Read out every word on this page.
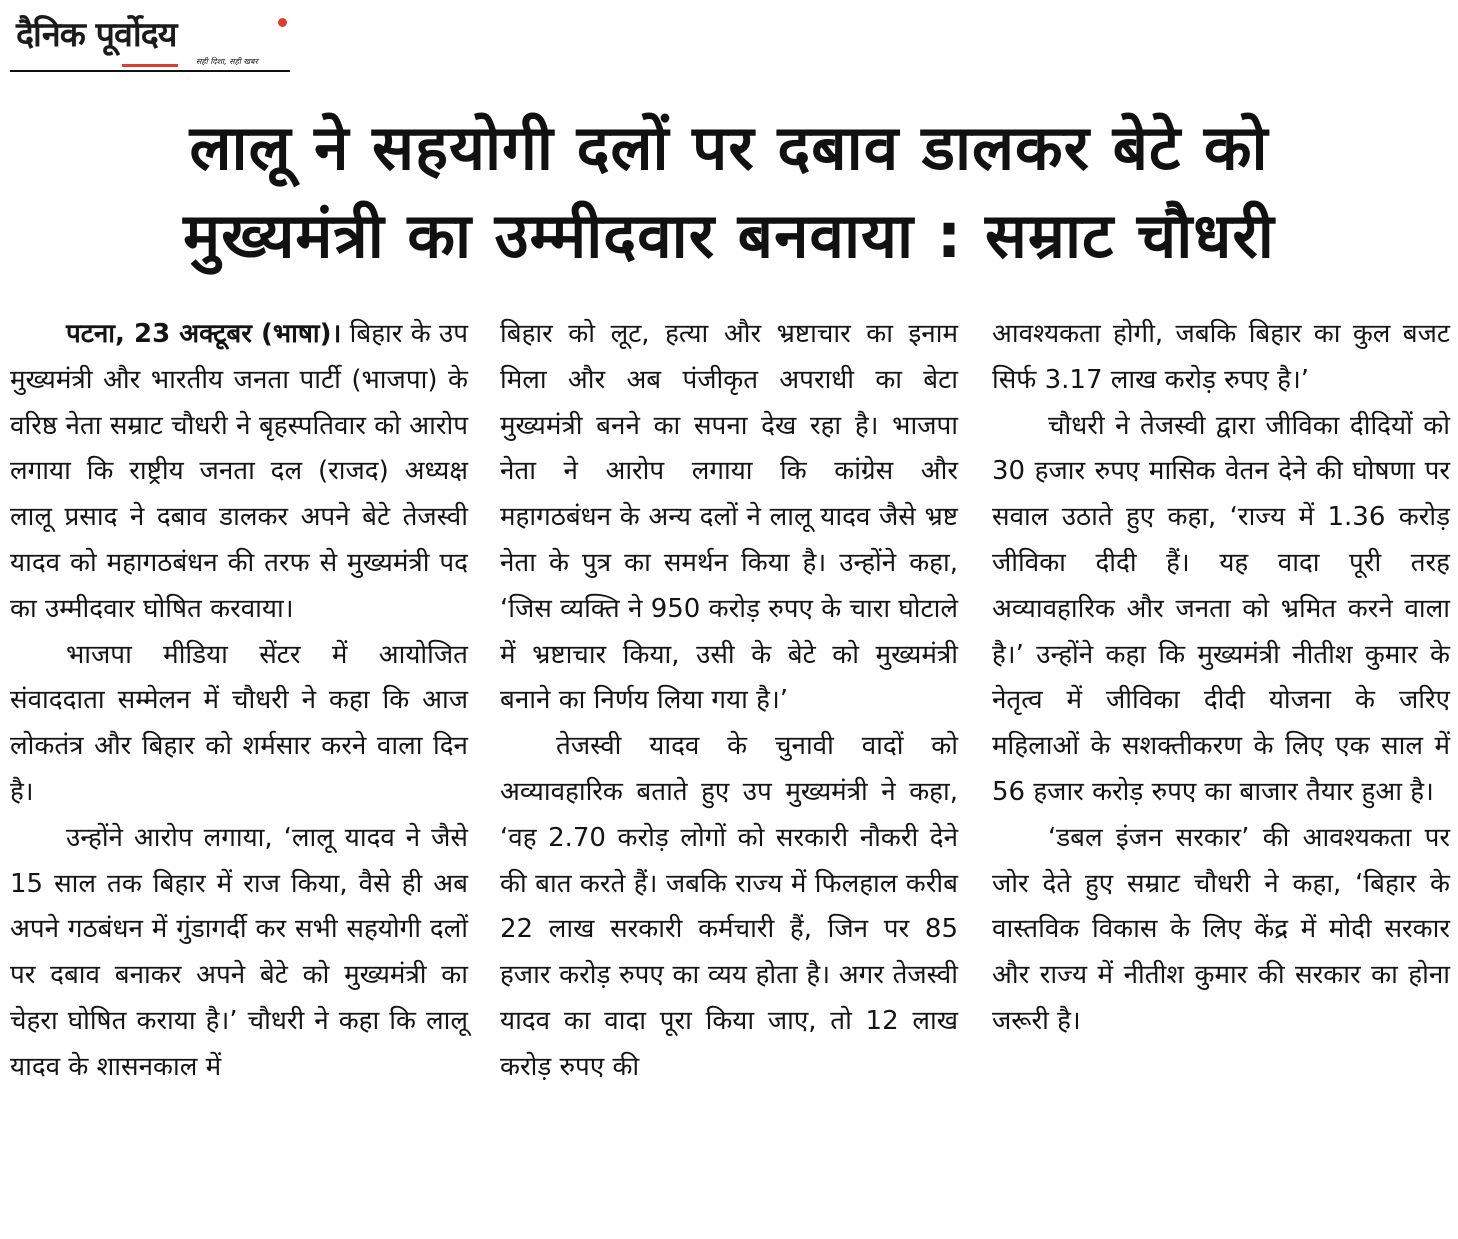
दैनिक पूर्वोदय
सही दिशा, सही खबर
लालू ने सहयोगी दलों पर दबाव डालकर बेटे को
मुख्यमंत्री का उम्मीदवार बनवाया : सम्राट चौधरी

पटना, 23 अक्टूबर (भाषा)। बिहार के उप मुख्यमंत्री और भारतीय जनता पार्टी (भाजपा) के वरिष्ठ नेता सम्राट चौधरी ने बृहस्पतिवार को आरोप लगाया कि राष्ट्रीय जनता दल (राजद) अध्यक्ष लालू प्रसाद ने दबाव डालकर अपने बेटे तेजस्वी यादव को महागठबंधन की तरफ से मुख्यमंत्री पद का उम्मीदवार घोषित करवाया।

भाजपा मीडिया सेंटर में आयोजित संवाददाता सम्मेलन में चौधरी ने कहा कि आज लोकतंत्र और बिहार को शर्मसार करने वाला दिन है।

उन्होंने आरोप लगाया, ‘लालू यादव ने जैसे 15 साल तक बिहार में राज किया, वैसे ही अब अपने गठबंधन में गुंडागर्दी कर सभी सहयोगी दलों पर दबाव बनाकर अपने बेटे को मुख्यमंत्री का चेहरा घोषित कराया है।’ चौधरी ने कहा कि लालू यादव के शासनकाल में

बिहार को लूट, हत्या और भ्रष्टाचार का इनाम मिला और अब पंजीकृत अपराधी का बेटा मुख्यमंत्री बनने का सपना देख रहा है। भाजपा नेता ने आरोप लगाया कि कांग्रेस और महागठबंधन के अन्य दलों ने लालू यादव जैसे भ्रष्ट नेता के पुत्र का समर्थन किया है। उन्होंने कहा, ‘जिस व्यक्ति ने 950 करोड़ रुपए के चारा घोटाले में भ्रष्टाचार किया, उसी के बेटे को मुख्यमंत्री बनाने का निर्णय लिया गया है।’

तेजस्वी यादव के चुनावी वादों को अव्यावहारिक बताते हुए उप मुख्यमंत्री ने कहा, ‘वह 2.70 करोड़ लोगों को सरकारी नौकरी देने की बात करते हैं। जबकि राज्य में फिलहाल करीब 22 लाख सरकारी कर्मचारी हैं, जिन पर 85 हजार करोड़ रुपए का व्यय होता है। अगर तेजस्वी यादव का वादा पूरा किया जाए, तो 12 लाख करोड़ रुपए की

आवश्यकता होगी, जबकि बिहार का कुल बजट सिर्फ 3.17 लाख करोड़ रुपए है।’

चौधरी ने तेजस्वी द्वारा जीविका दीदियों को 30 हजार रुपए मासिक वेतन देने की घोषणा पर सवाल उठाते हुए कहा, ‘राज्य में 1.36 करोड़ जीविका दीदी हैं। यह वादा पूरी तरह अव्यावहारिक और जनता को भ्रमित करने वाला है।’ उन्होंने कहा कि मुख्यमंत्री नीतीश कुमार के नेतृत्व में जीविका दीदी योजना के जरिए महिलाओं के सशक्तीकरण के लिए एक साल में 56 हजार करोड़ रुपए का बाजार तैयार हुआ है।

‘डबल इंजन सरकार’ की आवश्यकता पर जोर देते हुए सम्राट चौधरी ने कहा, ‘बिहार के वास्तविक विकास के लिए केंद्र में मोदी सरकार और राज्य में नीतीश कुमार की सरकार का होना जरूरी है।
